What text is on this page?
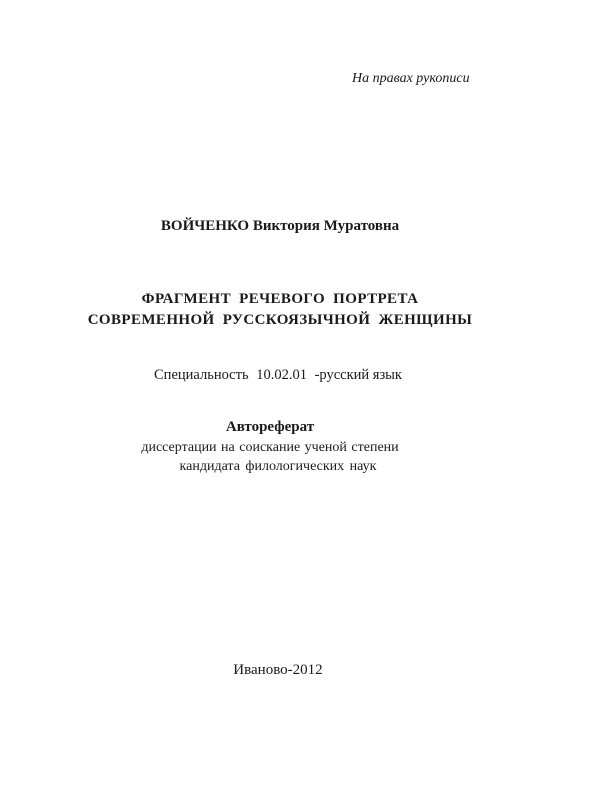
На правах рукописи
ВОЙЧЕНКО Виктория Муратовна
ФРАГМЕНТ РЕЧЕВОГО ПОРТРЕТА
СОВРЕМЕННОЙ РУССКОЯЗЫЧНОЙ ЖЕНЩИНЫ
Специальность 10.02.01 -русский язык
Автореферат
диссертации на соискание ученой степени
кандидата филологических наук
Иваново-2012
